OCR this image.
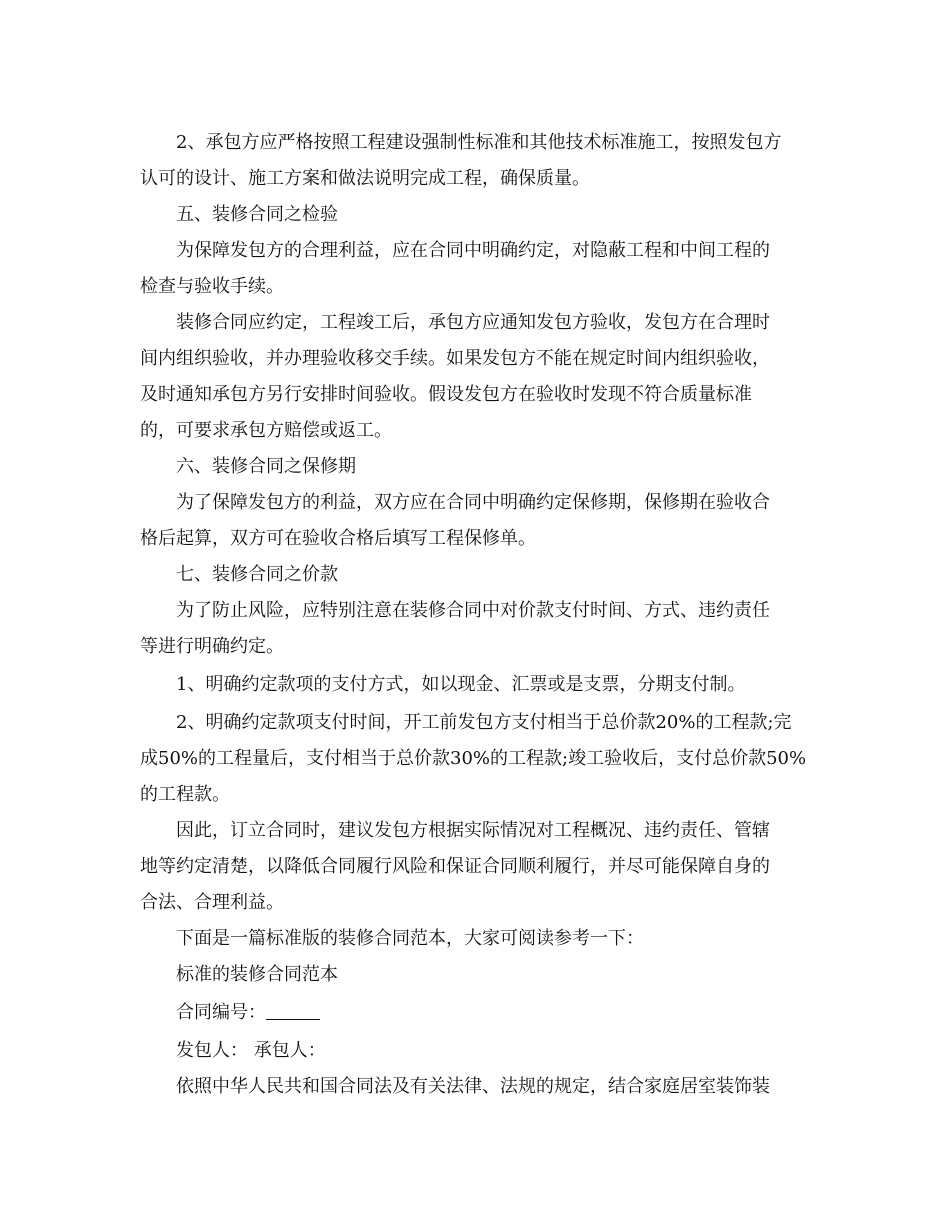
2、承包方应严格按照工程建设强制性标准和其他技术标准施工，按照发包方

认可的设计、施工方案和做法说明完成工程，确保质量。

五、装修合同之检验

为保障发包方的合理利益，应在合同中明确约定，对隐蔽工程和中间工程的

检查与验收手续。

装修合同应约定，工程竣工后，承包方应通知发包方验收，发包方在合理时

间内组织验收，并办理验收移交手续。如果发包方不能在规定时间内组织验收，

及时通知承包方另行安排时间验收。假设发包方在验收时发现不符合质量标准

的，可要求承包方赔偿或返工。

六、装修合同之保修期

为了保障发包方的利益，双方应在合同中明确约定保修期，保修期在验收合

格后起算，双方可在验收合格后填写工程保修单。

七、装修合同之价款

为了防止风险，应特别注意在装修合同中对价款支付时间、方式、违约责任

等进行明确约定。

1、明确约定款项的支付方式，如以现金、汇票或是支票，分期支付制。

2、明确约定款项支付时间，开工前发包方支付相当于总价款20%的工程款;完

成50%的工程量后，支付相当于总价款30%的工程款;竣工验收后，支付总价款50%

的工程款。

因此，订立合同时，建议发包方根据实际情况对工程概况、违约责任、管辖

地等约定清楚，以降低合同履行风险和保证合同顺利履行，并尽可能保障自身的

合法、合理利益。

下面是一篇标准版的装修合同范本，大家可阅读参考一下：

标准的装修合同范本

合同编号：

发包人： 承包人：

依照中华人民共和国合同法及有关法律、法规的规定，结合家庭居室装饰装
